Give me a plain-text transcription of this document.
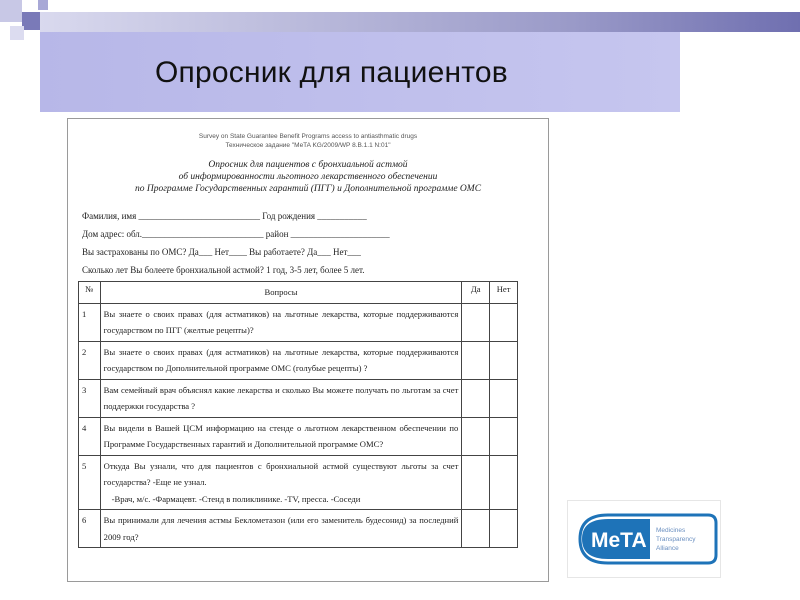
Опросник для пациентов
Survey on State Guarantee Benefit Programs access to antiasthmatic drugs
Техническое задание "MeTA KG/2009/WP 8.B.1.1 N:01"
Опросник для пациентов с бронхиальной астмой
об информированности льготного лекарственного обеспечении
по Программе Государственных гарантий (ПГГ) и Дополнительной программе ОМС
Фамилия, имя ___________________________ Год рождения ___________
Дом адрес: обл.___________________________ район ______________________
Вы застрахованы по ОМС? Да___ Нет____ Вы работаете? Да___ Нет___
Сколько лет Вы болеете бронхиальной астмой? 1 год, 3-5 лет, более 5 лет.
№	Вопросы	Да	Нет
1	Вы знаете о своих правах (для астматиков) на льготные лекарства, которые поддерживаются государством по ПГГ (желтые рецепты)?		
2	Вы знаете о своих правах (для астматиков) на льготные лекарства, которые поддерживаются государством по Дополнительной программе ОМС (голубые рецепты) ?		
3	Вам семейный врач объяснял какие лекарства и сколько Вы можете получать по льготам за счет поддержки государства ?		
4	Вы видели в Вашей ЦСМ информацию на стенде о льготном лекарственном обеспечении по Программе Государственных гарантий и Дополнительной программе ОМС?		
5	Откуда Вы узнали, что для пациентов с бронхиальной астмой существуют льготы за счет государства? -Еще не узнал.
-Врач, м/с. -Фармацевт. -Стенд в поликлинике. -TV, пресса. -Соседи		

6	Вы принимали для лечения астмы Беклометазон (или его заменитель будесонид) за последний 2009 год?			MeTA Medicines
Transparency
Alliance
